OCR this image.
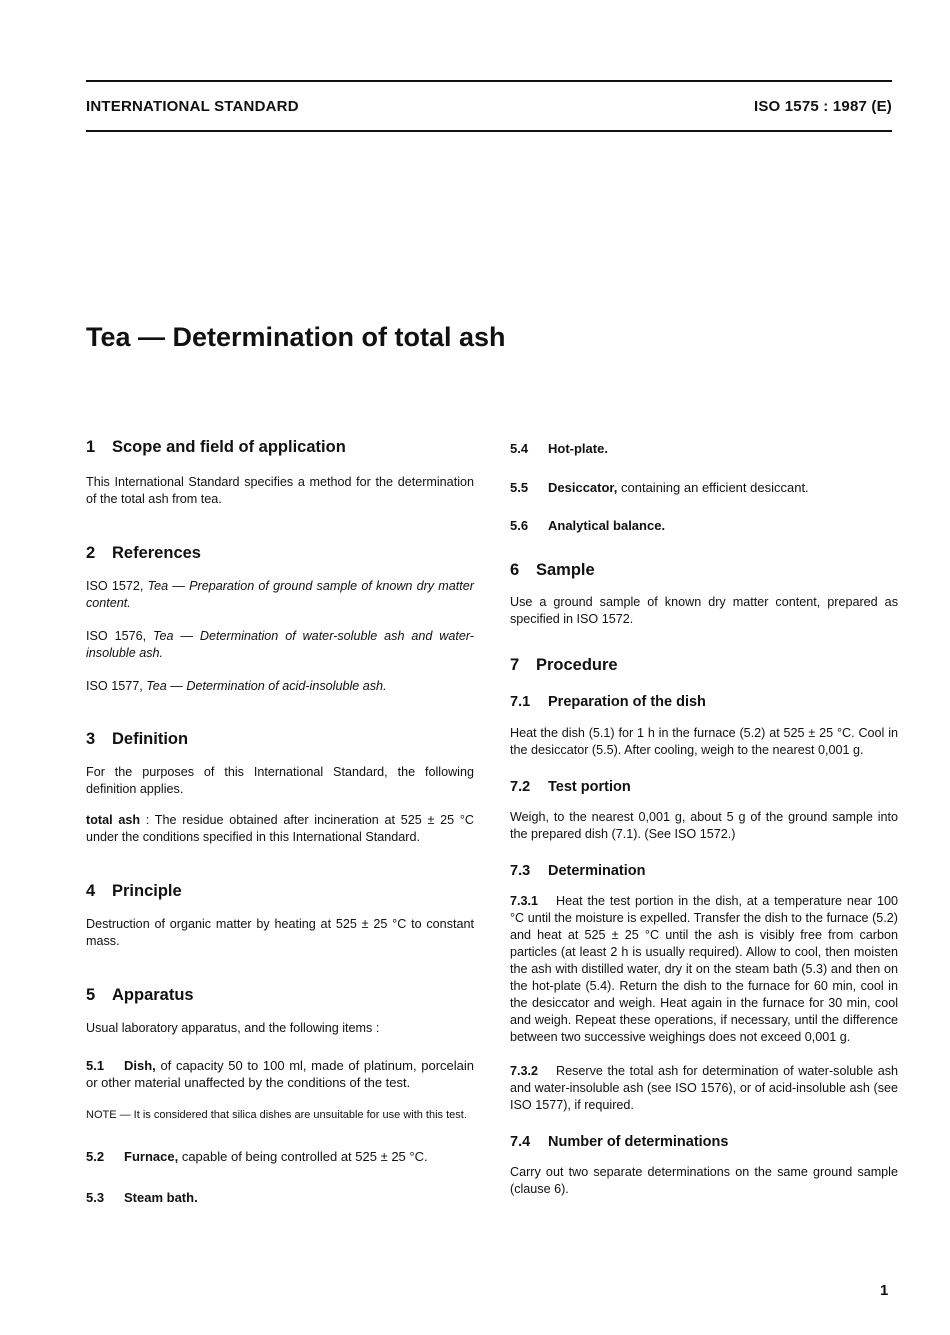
INTERNATIONAL STANDARD	ISO 1575 : 1987 (E)
Tea — Determination of total ash
1 Scope and field of application

This International Standard specifies a method for the determination of the total ash from tea.

2 References

ISO 1572, Tea — Preparation of ground sample of known dry matter content.

ISO 1576, Tea — Determination of water-soluble ash and water-insoluble ash.

ISO 1577, Tea — Determination of acid-insoluble ash.

3 Definition

For the purposes of this International Standard, the following definition applies.

total ash : The residue obtained after incineration at 525 ± 25 °C under the conditions specified in this International Standard.

4 Principle

Destruction of organic matter by heating at 525 ± 25 °C to constant mass.

5 Apparatus

Usual laboratory apparatus, and the following items :

5.1 Dish, of capacity 50 to 100 ml, made of platinum, porcelain or other material unaffected by the conditions of the test.

NOTE — It is considered that silica dishes are unsuitable for use with this test.

5.2 Furnace, capable of being controlled at 525 ± 25 °C.

5.3 Steam bath.

5.4 Hot-plate.

5.5 Desiccator, containing an efficient desiccant.

5.6 Analytical balance.

6 Sample

Use a ground sample of known dry matter content, prepared as specified in ISO 1572.

7 Procedure
7.1 Preparation of the dish

Heat the dish (5.1) for 1 h in the furnace (5.2) at 525 ± 25 °C. Cool in the desiccator (5.5). After cooling, weigh to the nearest 0,001 g.

7.2 Test portion

Weigh, to the nearest 0,001 g, about 5 g of the ground sample into the prepared dish (7.1). (See ISO 1572.)

7.3 Determination

7.3.1 Heat the test portion in the dish, at a temperature near 100 °C until the moisture is expelled. Transfer the dish to the furnace (5.2) and heat at 525 ± 25 °C until the ash is visibly free from carbon particles (at least 2 h is usually required). Allow to cool, then moisten the ash with distilled water, dry it on the steam bath (5.3) and then on the hot-plate (5.4). Return the dish to the furnace for 60 min, cool in the desiccator and weigh. Heat again in the furnace for 30 min, cool and weigh. Repeat these operations, if necessary, until the difference between two successive weighings does not exceed 0,001 g.

7.3.2 Reserve the total ash for determination of water-soluble ash and water-insoluble ash (see ISO 1576), or of acid-insoluble ash (see ISO 1577), if required.

7.4 Number of determinations

Carry out two separate determinations on the same ground sample (clause 6).

1
